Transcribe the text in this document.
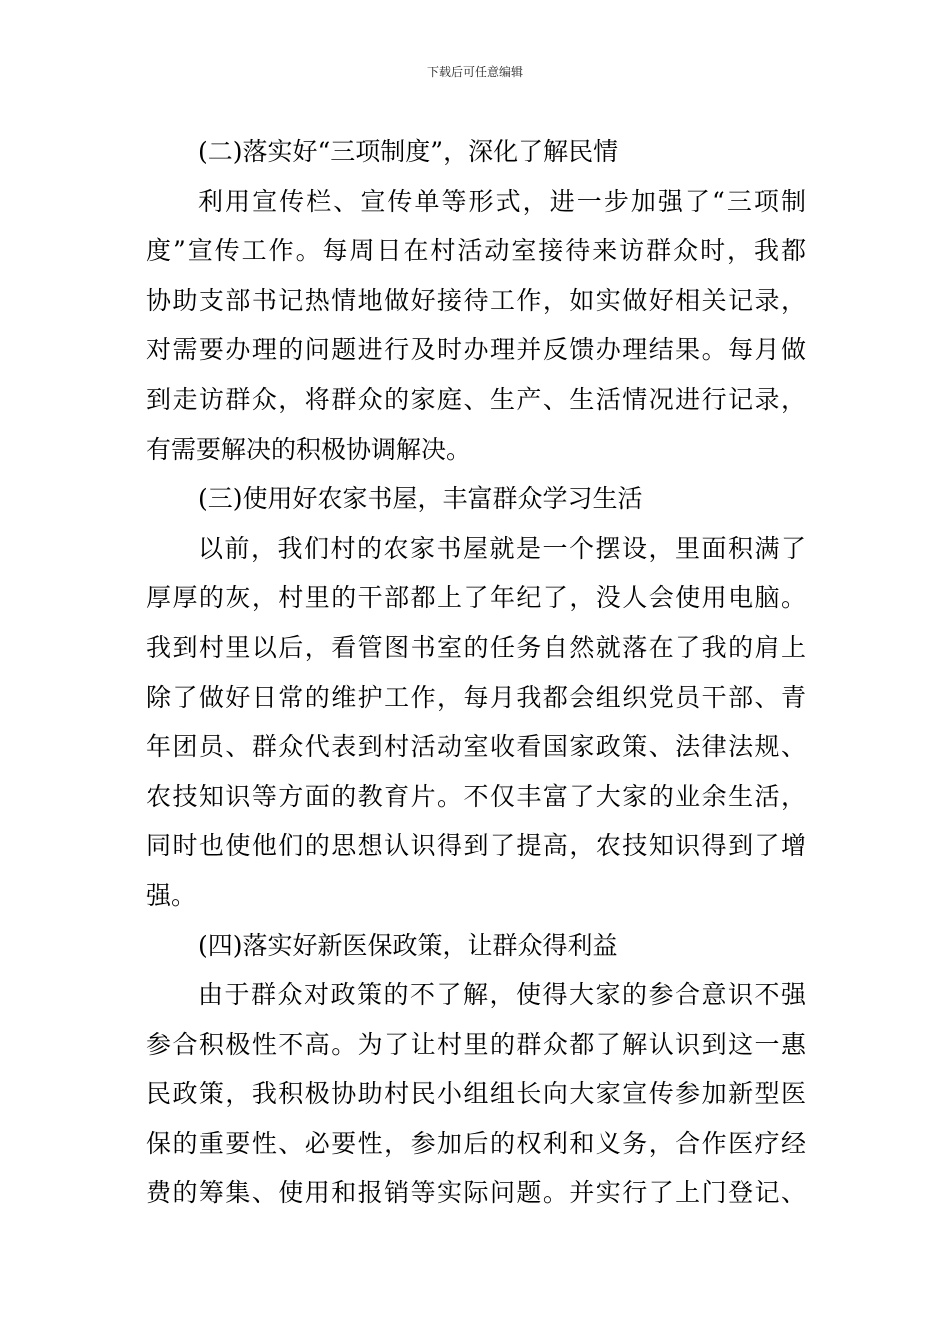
下载后可任意编辑
(二)落实好“三项制度”，深化了解民情
利用宣传栏、宣传单等形式，进一步加强了“三项制
度”宣传工作。每周日在村活动室接待来访群众时，我都
协助支部书记热情地做好接待工作，如实做好相关记录，
对需要办理的问题进行及时办理并反馈办理结果。每月做
到走访群众，将群众的家庭、生产、生活情况进行记录，
有需要解决的积极协调解决。
(三)使用好农家书屋，丰富群众学习生活
以前，我们村的农家书屋就是一个摆设，里面积满了
厚厚的灰，村里的干部都上了年纪了，没人会使用电脑。
我到村里以后，看管图书室的任务自然就落在了我的肩上
除了做好日常的维护工作，每月我都会组织党员干部、青
年团员、群众代表到村活动室收看国家政策、法律法规、
农技知识等方面的教育片。不仅丰富了大家的业余生活，
同时也使他们的思想认识得到了提高，农技知识得到了增
强。
(四)落实好新医保政策，让群众得利益
由于群众对政策的不了解，使得大家的参合意识不强
参合积极性不高。为了让村里的群众都了解认识到这一惠
民政策，我积极协助村民小组组长向大家宣传参加新型医
保的重要性、必要性，参加后的权利和义务，合作医疗经
费的筹集、使用和报销等实际问题。并实行了上门登记、
